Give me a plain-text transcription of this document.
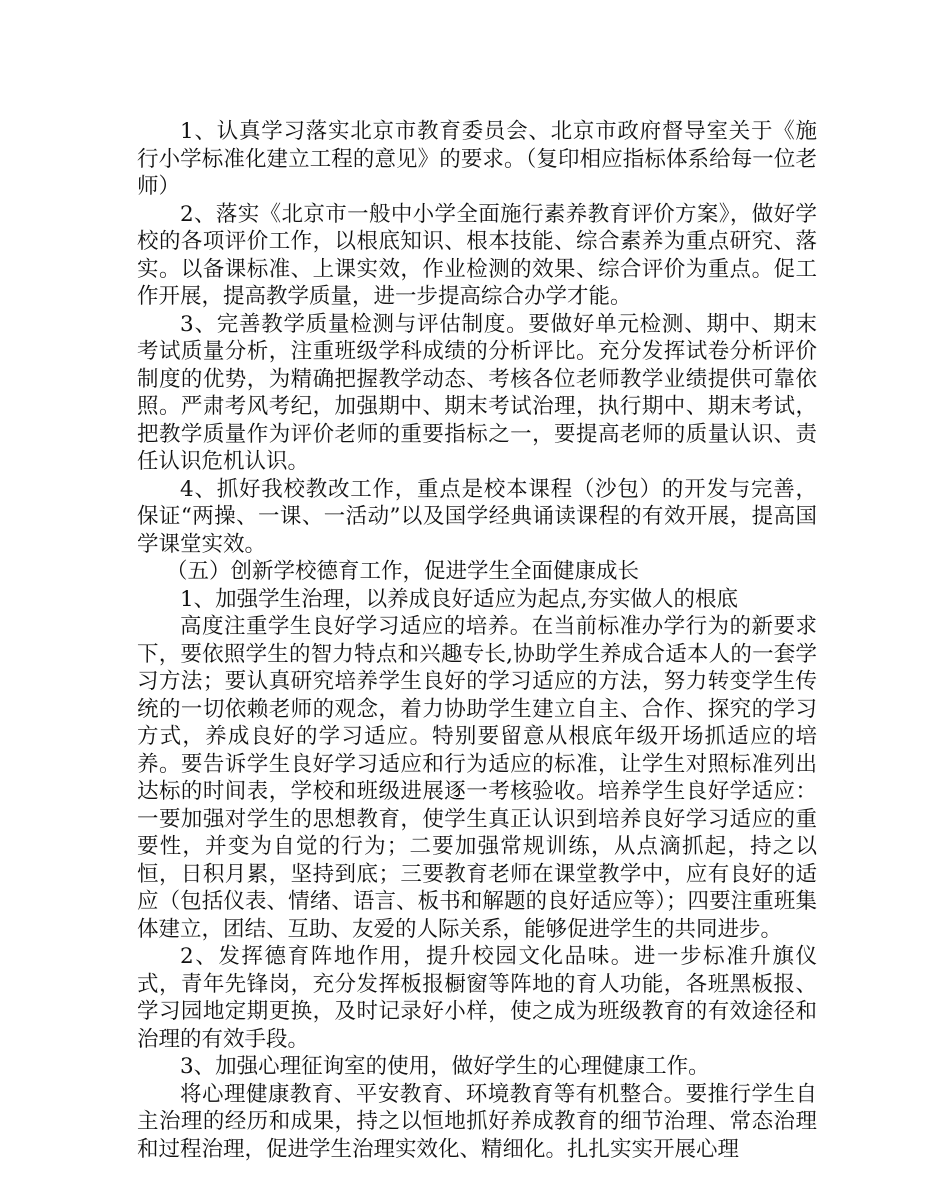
1、认真学习落实北京市教育委员会、北京市政府督导室关于《施行小学标准化建立工程的意见》的要求。（复印相应指标体系给每一位老师）

2、落实《北京市一般中小学全面施行素养教育评价方案》，做好学校的各项评价工作，以根底知识、根本技能、综合素养为重点研究、落实。以备课标准、上课实效，作业检测的效果、综合评价为重点。促工作开展，提高教学质量，进一步提高综合办学才能。

3、完善教学质量检测与评估制度。要做好单元检测、期中、期末考试质量分析，注重班级学科成绩的分析评比。充分发挥试卷分析评价制度的优势，为精确把握教学动态、考核各位老师教学业绩提供可靠依照。严肃考风考纪，加强期中、期末考试治理，执行期中、期末考试，把教学质量作为评价老师的重要指标之一，要提高老师的质量认识、责任认识危机认识。

4、抓好我校教改工作，重点是校本课程（沙包）的开发与完善，保证“两操、一课、一活动”以及国学经典诵读课程的有效开展，提高国学课堂实效。

（五）创新学校德育工作，促进学生全面健康成长

1、加强学生治理，以养成良好适应为起点,夯实做人的根底

高度注重学生良好学习适应的培养。在当前标准办学行为的新要求下，要依照学生的智力特点和兴趣专长,协助学生养成合适本人的一套学习方法；要认真研究培养学生良好的学习适应的方法，努力转变学生传统的一切依赖老师的观念，着力协助学生建立自主、合作、探究的学习方式，养成良好的学习适应。特别要留意从根底年级开场抓适应的培养。要告诉学生良好学习适应和行为适应的标准，让学生对照标准列出达标的时间表，学校和班级进展逐一考核验收。培养学生良好学适应：一要加强对学生的思想教育，使学生真正认识到培养良好学习适应的重要性，并变为自觉的行为；二要加强常规训练，从点滴抓起，持之以恒，日积月累，坚持到底；三要教育老师在课堂教学中，应有良好的适应（包括仪表、情绪、语言、板书和解题的良好适应等）；四要注重班集体建立，团结、互助、友爱的人际关系，能够促进学生的共同进步。

2、发挥德育阵地作用，提升校园文化品味。进一步标准升旗仪式，青年先锋岗，充分发挥板报橱窗等阵地的育人功能，各班黑板报、学习园地定期更换，及时记录好小样，使之成为班级教育的有效途径和治理的有效手段。

3、加强心理征询室的使用，做好学生的心理健康工作。

将心理健康教育、平安教育、环境教育等有机整合。要推行学生自主治理的经历和成果，持之以恒地抓好养成教育的细节治理、常态治理和过程治理，促进学生治理实效化、精细化。扎扎实实开展心理
